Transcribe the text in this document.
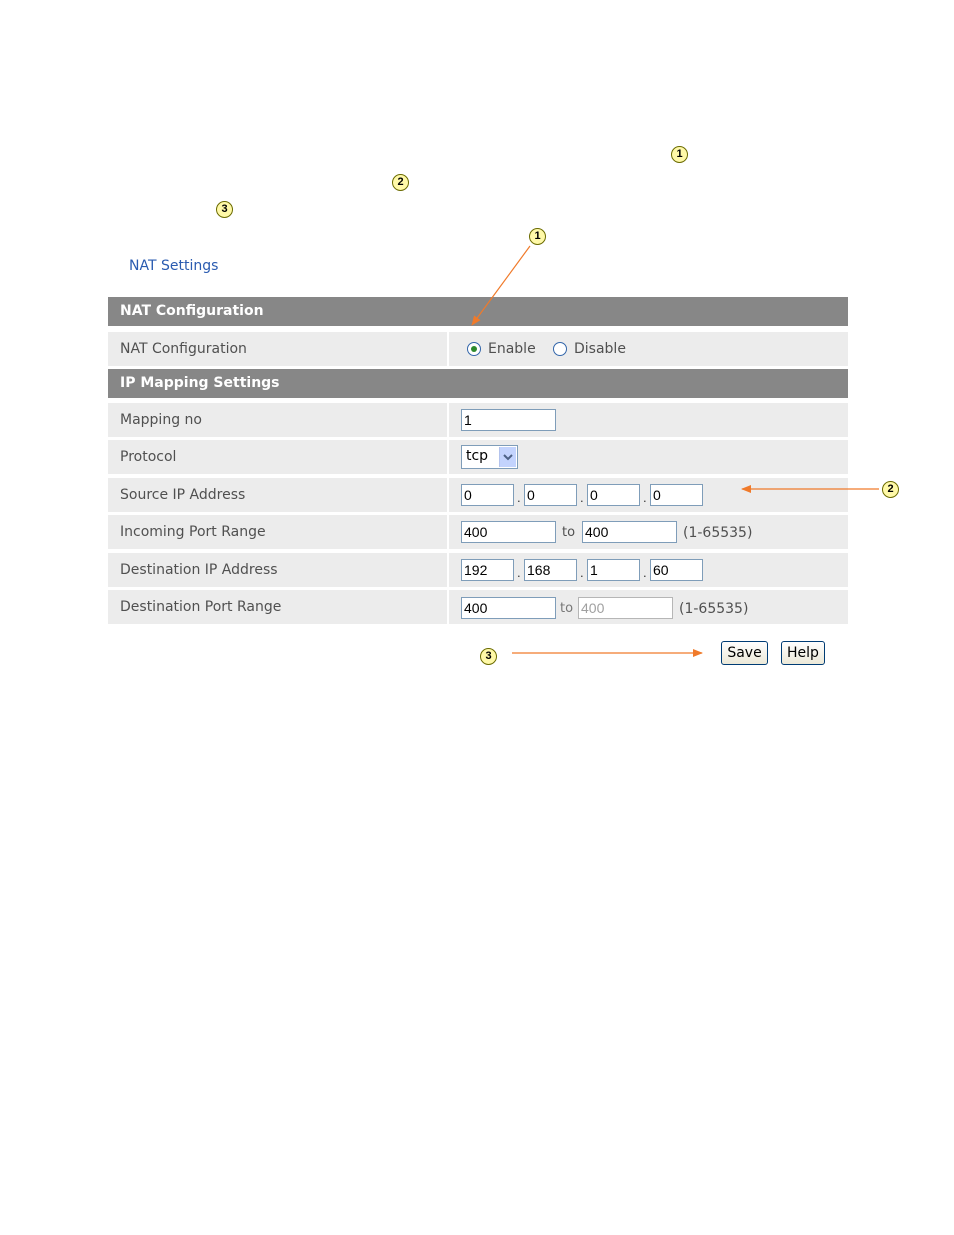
1
2
3
1
2
3
NAT Settings
NAT Configuration
NAT Configuration	Enable	Disable
IP Mapping Settings
Mapping no	1
Protocol	tcp
Source IP Address	0	. 0	. 0	. 0
Incoming Port Range	400	to 400	(1-65535)
Destination IP Address	192	. 168	. 1	. 60
Destination Port Range	400	to 400	(1-65535)
Save	Help
